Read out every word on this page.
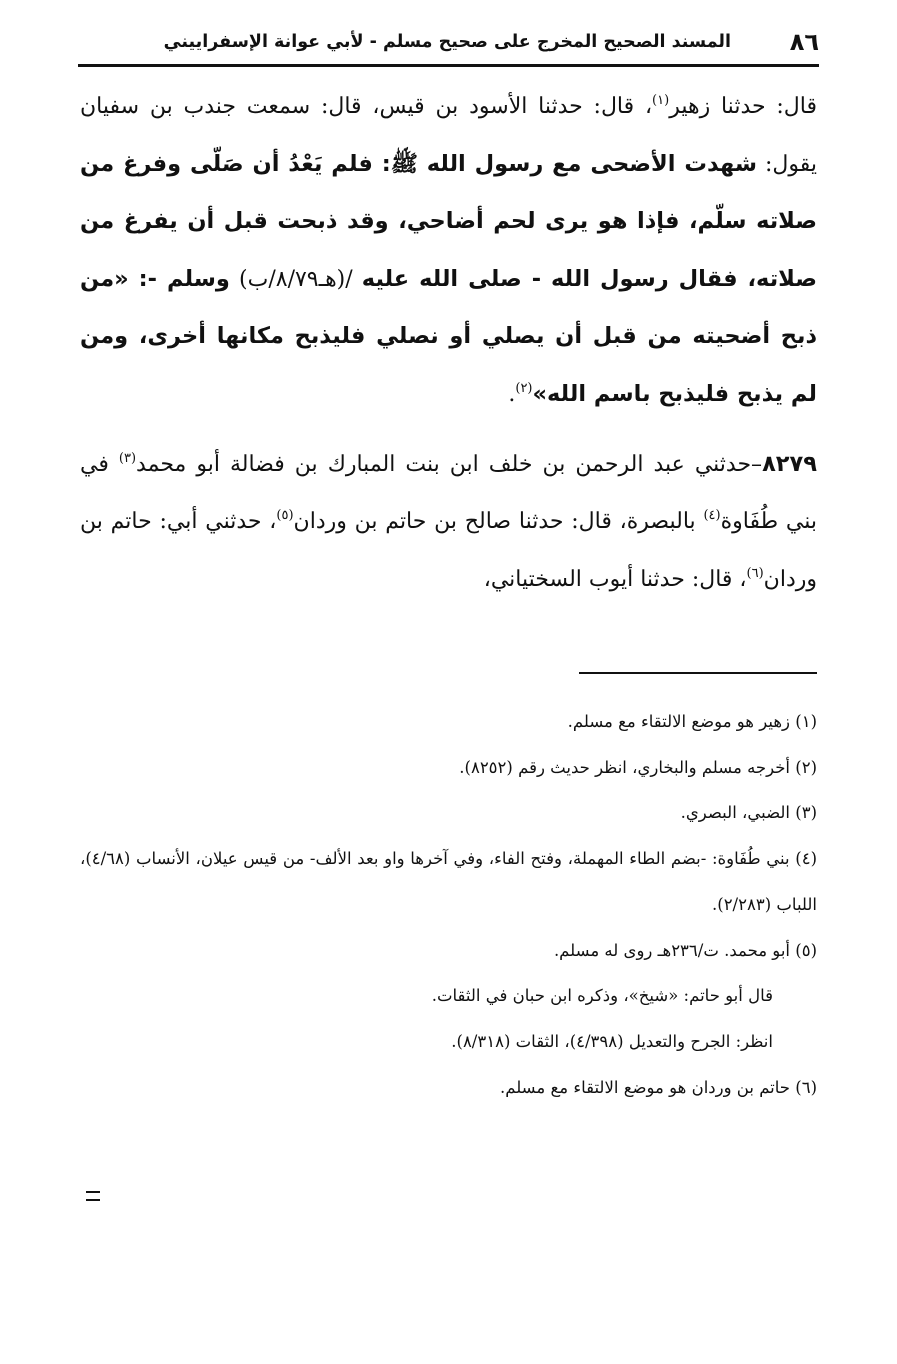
٨٦
المسند الصحيح المخرج على صحيح مسلم - لأبي عوانة الإسفراييني

قال: حدثنا زهير$^{(١)}$، قال: حدثنا الأسود بن قيس، قال: سمعت جندب بن سفيان يقول: شهدت الأضحى مع رسول الله ﷺ: فلم يَعْدُ أن صَلّى وفرغ من صلاته سلّم، فإذا هو يرى لحم أضاحي، وقد ذبحت قبل أن يفرغ من صلاته، فقال رسول الله - صلى الله عليه /(هـ٨/٧٩/ب) وسلم -: «من ذبح أضحيته من قبل أن يصلي أو نصلي فليذبح مكانها أخرى، ومن لم يذبح فليذبح باسم الله»$^{(٢)}$.

٨٢٧٩–حدثني عبد الرحمن بن خلف ابن بنت المبارك بن فضالة أبو محمد$^{(٣)}$ في بني طُفَاوة$^{(٤)}$ بالبصرة، قال: حدثنا صالح بن حاتم بن وردان$^{(٥)}$، حدثني أبي: حاتم بن وردان$^{(٦)}$، قال: حدثنا أيوب السختياني،

(١) زهير هو موضع الالتقاء مع مسلم.

(٢) أخرجه مسلم والبخاري، انظر حديث رقم (٨٢٥٢).

(٣) الضبي، البصري.

(٤) بني طُفَاوة: -بضم الطاء المهملة، وفتح الفاء، وفي آخرها واو بعد الألف- من قيس عيلان، الأنساب (٤/٦٨)، اللباب (٢/٢٨٣).

(٥) أبو محمد. ت/٢٣٦هـ روى له مسلم.

قال أبو حاتم: «شيخ»، وذكره ابن حبان في الثقات.

انظر: الجرح والتعديل (٤/٣٩٨)، الثقات (٨/٣١٨).

(٦) حاتم بن وردان هو موضع الالتقاء مع مسلم.
